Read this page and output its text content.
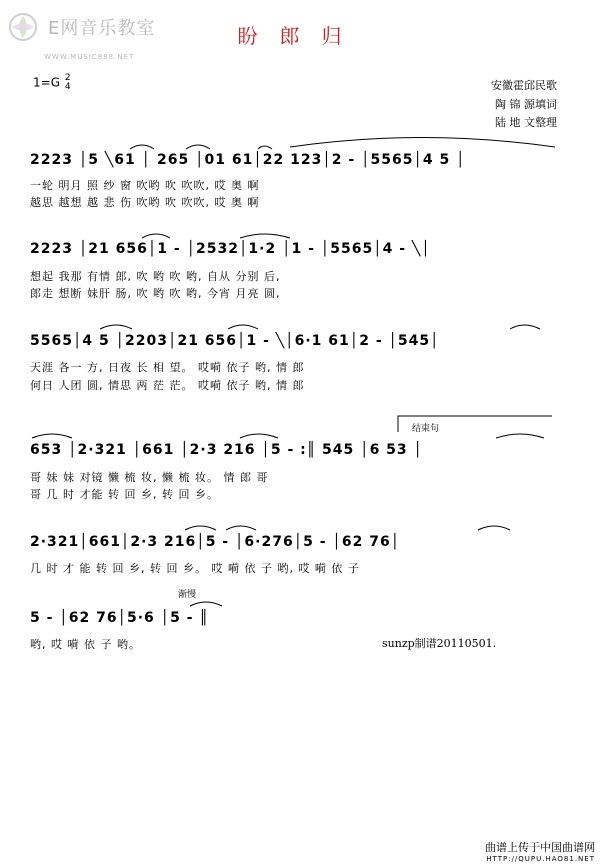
E网音乐教室
WWW.MUSIC888.NET
盼郎归
1=G 2
4	安徽霍邱民歌
陶 锦 源填词
陆 地 文整理
2223 │5 ╲61 │ 265 │01 61│22 123│2 - │5565│4 5 │
一轮 明月 照 纱 窗 吹哟 吹 吹吹, 哎 奥 啊
越思 越想 越 悲 伤 吹哟 吹 吹吹, 哎 奥 啊
2223 │21 656│1 - │2532│1·2 │1 - │5565│4 - ╲│
想起 我那 有情 郎, 吹 哟 吹 哟, 自从 分别 后,
郎走 想断 妹肝 肠, 吹 哟 吹 哟, 今宵 月亮 圆,
5565│4 5 │2203│21 656│1 - ╲│6·1 61│2 - │545│
天涯 各一 方, 日夜 长 相 望。 哎嗬 依子 哟, 情 郎
何日 人团 圆, 情思 两 茫 茫。 哎嗬 依子 哟, 情 郎
结束句
653 │2·321 │661 │2·3 216 │5 - :║ 545 │6 53 │
哥 妹 妹 对镜 懒 梳 妆, 懒 梳 妆。 情 郎 哥
哥 几 时 才能 转 回 乡, 转 回 乡。
2·321│661│2·3 216│5 - │6·276│5 - │62 76│
几 时 才 能 转 回 乡, 转 回 乡。 哎 嗬 依 子 哟, 哎 嗬 依 子
渐慢
5 - │62 76│5·6 │5 - ║
哟, 哎 嗬 依 子 哟。	sunzp制谱20110501.
曲谱上传于中国曲谱网
HTTP://QUPU.HAO81.NET
